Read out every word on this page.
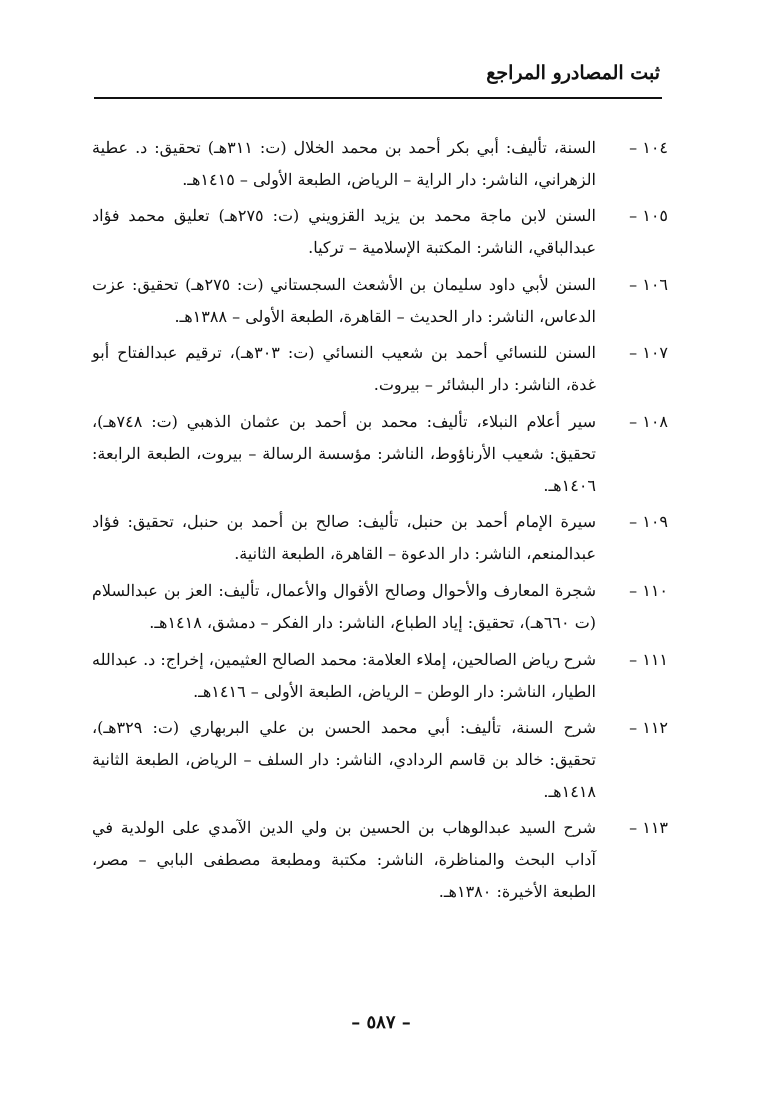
ثبت المصادرو المراجع
١٠٤ –
السنة، تأليف: أبي بكر أحمد بن محمد الخلال (ت: ٣١١هـ) تحقيق: د. عطية الزهراني، الناشر: دار الراية – الرياض، الطبعة الأولى – ١٤١٥هـ.
١٠٥ –
السنن لابن ماجة محمد بن يزيد القزويني (ت: ٢٧٥هـ) تعليق محمد فؤاد عبدالباقي، الناشر: المكتبة الإسلامية – تركيا.
١٠٦ –
السنن لأبي داود سليمان بن الأشعث السجستاني (ت: ٢٧٥هـ) تحقيق: عزت الدعاس، الناشر: دار الحديث – القاهرة، الطبعة الأولى – ١٣٨٨هـ.
١٠٧ –
السنن للنسائي أحمد بن شعيب النسائي (ت: ٣٠٣هـ)، ترقيم عبدالفتاح أبو غدة، الناشر: دار البشائر – بيروت.
١٠٨ –
سير أعلام النبلاء، تأليف: محمد بن أحمد بن عثمان الذهبي (ت: ٧٤٨هـ)، تحقيق: شعيب الأرناؤوط، الناشر: مؤسسة الرسالة – بيروت، الطبعة الرابعة: ١٤٠٦هـ.
١٠٩ –
سيرة الإمام أحمد بن حنبل، تأليف: صالح بن أحمد بن حنبل، تحقيق: فؤاد عبدالمنعم، الناشر: دار الدعوة – القاهرة، الطبعة الثانية.
١١٠ –
شجرة المعارف والأحوال وصالح الأقوال والأعمال، تأليف: العز بن عبدالسلام (ت ٦٦٠هـ)، تحقيق: إياد الطباع، الناشر: دار الفكر – دمشق، ١٤١٨هـ.
١١١ –
شرح رياض الصالحين، إملاء العلامة: محمد الصالح العثيمين، إخراج: د. عبدالله الطيار، الناشر: دار الوطن – الرياض، الطبعة الأولى – ١٤١٦هـ.
١١٢ –
شرح السنة، تأليف: أبي محمد الحسن بن علي البربهاري (ت: ٣٢٩هـ)، تحقيق: خالد بن قاسم الردادي، الناشر: دار السلف – الرياض، الطبعة الثانية ١٤١٨هـ.
١١٣ –
شرح السيد عبدالوهاب بن الحسين بن ولي الدين الآمدي على الولدية في آداب البحث والمناظرة، الناشر: مكتبة ومطبعة مصطفى البابي – مصر، الطبعة الأخيرة: ١٣٨٠هـ.
– ٥٨٧ –
